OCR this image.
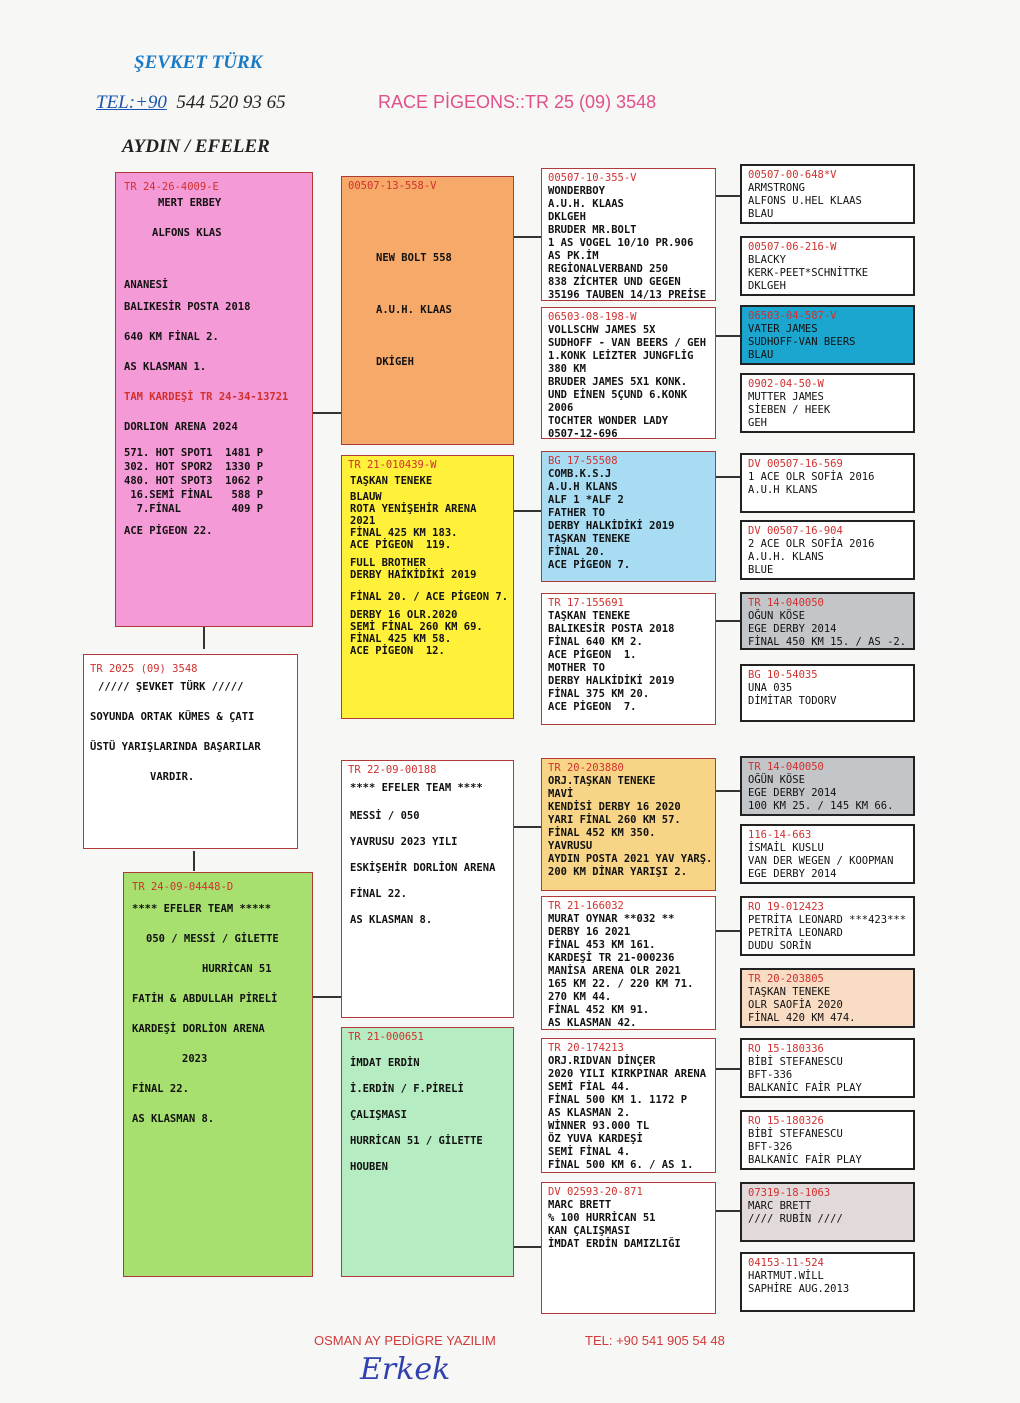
ŞEVKET TÜRK
TEL:+90 544 520 93 65	RACE PİGEONS::TR 25 (09) 3548
AYDIN / EFELER
TR 24-26-4009-E
MERT ERBEY
ALFONS KLAS
ANANESİ
BALIKESİR POSTA 2018
640 KM FİNAL 2.
AS KLASMAN 1.
TAM KARDEŞİ TR 24-34-13721
DORLION ARENA 2024
571. HOT SPOT1  1481 P
302. HOT SPOR2  1330 P
480. HOT SPOT3  1062 P
16.SEMİ FİNAL   588 P
7.FİNAL        409 P
ACE PİGEON 22.
TR 2025 (09) 3548
///// ŞEVKET TÜRK /////
SOYUNDA ORTAK KÜMES & ÇATI
ÜSTÜ YARIŞLARINDA BAŞARILAR
VARDIR.
TR 24-09-04448-D
**** EFELER TEAM *****
050 / MESSİ / GİLETTE
HURRİCAN 51
FATİH & ABDULLAH PİRELİ
KARDEŞİ DORLİON ARENA
2023
FİNAL 22.
AS KLASMAN 8.
00507-13-558-V
NEW BOLT 558
A.U.H. KLAAS
DKİGEH
TR 21-010439-W
TAŞKAN TENEKE
BLAUW
ROTA YENİŞEHİR ARENA
2021
FİNAL 425 KM 183.
ACE PİGEON  119.
FULL BROTHER
DERBY HAİKİDİKİ 2019
FİNAL 20. / ACE PİGEON 7.
DERBY 16 OLR.2020
SEMİ FİNAL 260 KM 69.
FİNAL 425 KM 58.
ACE PİGEON  12.
TR 22-09-00188
**** EFELER TEAM ****
MESSİ / 050
YAVRUSU 2023 YILI
ESKİŞEHİR DORLİON ARENA
FİNAL 22.
AS KLASMAN 8.
TR 21-000651
İMDAT ERDİN
İ.ERDİN / F.PİRELİ
ÇALIŞMASI
HURRİCAN 51 / GİLETTE
HOUBEN
00507-10-355-V
WONDERBOY
A.U.H. KLAAS
DKLGEH
BRUDER MR.BOLT
1 AS VOGEL 10/10 PR.906
AS PK.İM
REGİONALVERBAND 250
838 ZİCHTER UND GEGEN
35196 TAUBEN 14/13 PREİSE
06503-08-198-W
VOLLSCHW JAMES 5X
SUDHOFF - VAN BEERS / GEH
1.KONK LEİZTER JUNGFLİG
380 KM
BRUDER JAMES 5X1 KONK.
UND EİNEN 5ÇUND 6.KONK
2006
TOCHTER WONDER LADY
0507-12-696
BG 17-55508
COMB.K.S.J
A.U.H KLANS
ALF 1 *ALF 2
FATHER TO
DERBY HALKİDİKİ 2019
TAŞKAN TENEKE
FİNAL 20.
ACE PİGEON 7.
TR 17-155691
TAŞKAN TENEKE
BALIKESİR POSTA 2018
FİNAL 640 KM 2.
ACE PİGEON  1.
MOTHER TO
DERBY HALKİDİKİ 2019
FİNAL 375 KM 20.
ACE PİGEON  7.
TR 20-203880
ORJ.TAŞKAN TENEKE
MAVİ
KENDİSİ DERBY 16 2020
YARI FİNAL 260 KM 57.
FİNAL 452 KM 350.
YAVRUSU
AYDIN POSTA 2021 YAV YARŞ.
200 KM DİNAR YARIŞI 2.
TR 21-166032
MURAT OYNAR **032 **
DERBY 16 2021
FİNAL 453 KM 161.
KARDEŞİ TR 21-000236
MANİSA ARENA OLR 2021
165 KM 22. / 220 KM 71.
270 KM 44.
FİNAL 452 KM 91.
AS KLASMAN 42.
TR 20-174213
ORJ.RIDVAN DİNÇER
2020 YILI KIRKPINAR ARENA
SEMİ FİAL 44.
FİNAL 500 KM 1. 1172 P
AS KLASMAN 2.
WİNNER 93.000 TL
ÖZ YUVA KARDEŞİ
SEMİ FİNAL 4.
FİNAL 500 KM 6. / AS 1.
DV 02593-20-871
MARC BRETT
% 100 HURRİCAN 51
KAN ÇALIŞMASI
İMDAT ERDİN DAMIZLIĞI
00507-00-648*V
ARMSTRONG
ALFONS U.HEL KLAAS
BLAU
00507-06-216-W
BLACKY
KERK-PEET*SCHNİTTKE
DKLGEH
06503-04-587-V
VATER JAMES
SUDHOFF-VAN BEERS
BLAU
0902-04-50-W
MUTTER JAMES
SİEBEN / HEEK
GEH
DV 00507-16-569
1 ACE OLR SOFİA 2016
A.U.H KLANS
DV 00507-16-904
2 ACE OLR SOFİA 2016
A.U.H. KLANS
BLUE
TR 14-040050
OĞUN KÖSE
EGE DERBY 2014
FİNAL 450 KM 15. / AS -2.
BG 10-54035
UNA 035
DİMİTAR TODORV
TR 14-040050
OĞÜN KÖSE
EGE DERBY 2014
100 KM 25. / 145 KM 66.
116-14-663
İSMAİL KUSLU
VAN DER WEGEN / KOOPMAN
EGE DERBY 2014
RO 19-012423
PETRİTA LEONARD ***423***
PETRİTA LEONARD
DUDU SORİN
TR 20-203805
TAŞKAN TENEKE
OLR SAOFİA 2020
FİNAL 420 KM 474.
RO 15-180336
BİBİ STEFANESCU
BFT-336
BALKANİC FAİR PLAY
RO 15-180326
BİBİ STEFANESCU
BFT-326
BALKANİC FAİR PLAY
07319-18-1063
MARC BRETT
//// RUBİN ////
04153-11-524
HARTMUT.WİLL
SAPHİRE AUG.2013
OSMAN AY PEDİGRE YAZILIM	TEL: +90 541 905 54 48
Erkek
